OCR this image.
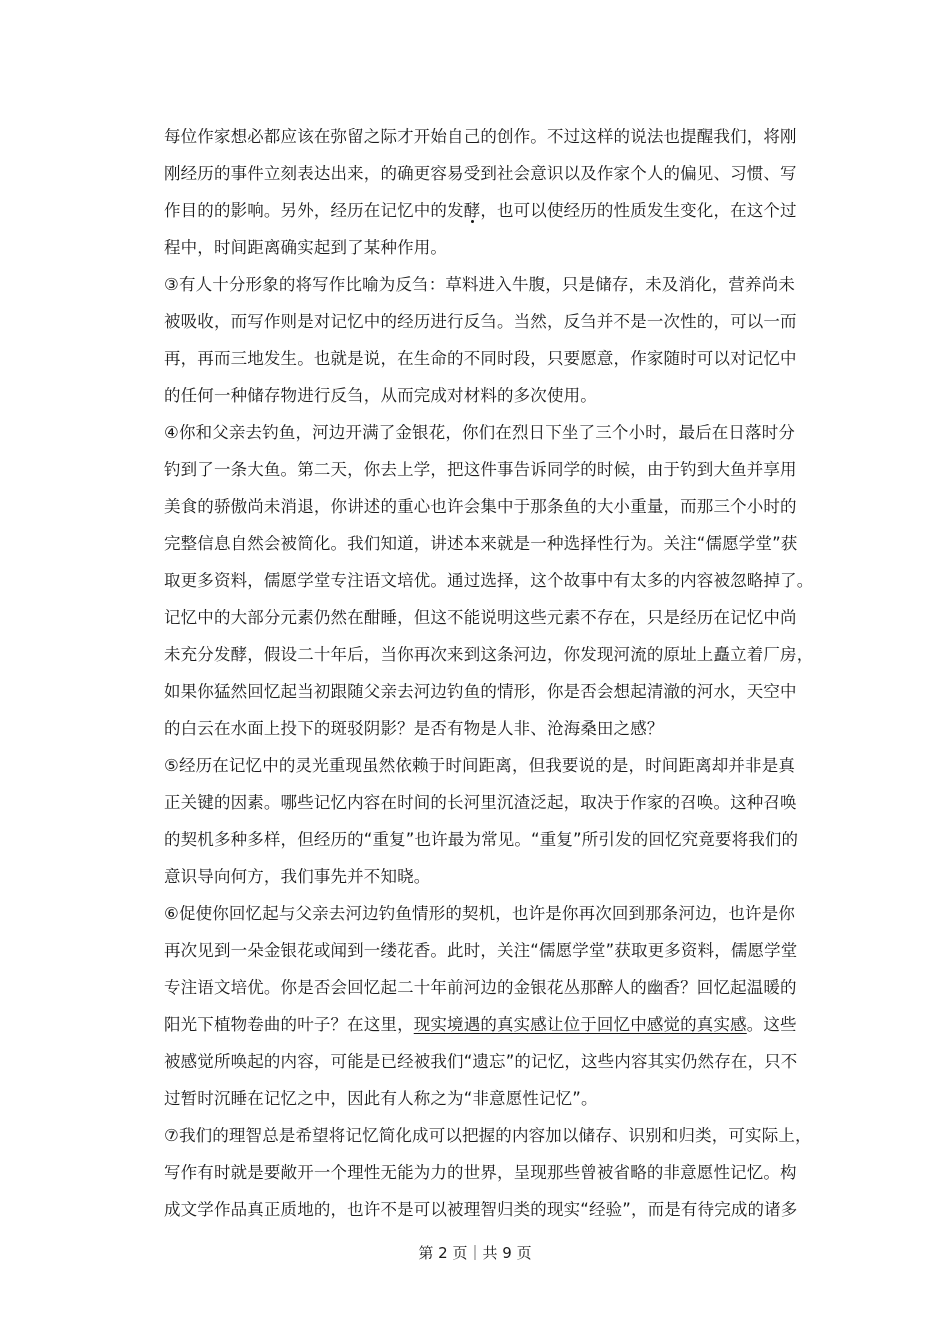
每位作家想必都应该在弥留之际才开始自己的创作。不过这样的说法也提醒我们，将刚
刚经历的事件立刻表达出来，的确更容易受到社会意识以及作家个人的偏见、习惯、写
作目的的影响。另外，经历在记忆中的发酵
，也可以使经历的性质发生变化，在这个过
程中，时间距离确实起到了某种作用。
③有人十分形象的将写作比喻为反刍：草料进入牛腹，只是储存，未及消化，营养尚未
被吸收，而写作则是对记忆中的经历进行反刍。当然，反刍并不是一次性的，可以一而
再，再而三地发生。也就是说，在生命的不同时段，只要愿意，作家随时可以对记忆中
的任何一种储存物进行反刍，从而完成对材料的多次使用。
④你和父亲去钓鱼，河边开满了金银花，你们在烈日下坐了三个小时，最后在日落时分
钓到了一条大鱼。第二天，你去上学，把这件事告诉同学的时候，由于钓到大鱼并享用
美食的骄傲尚未消退，你讲述的重心也许会集中于那条鱼的大小重量，而那三个小时的
完整信息自然会被简化。我们知道，讲述本来就是一种选择性行为。关注“儒愿学堂”获
取更多资料，儒愿学堂专注语文培优。通过选择，这个故事中有太多的内容被忽略掉了。
记忆中的大部分元素仍然在酣睡，但这不能说明这些元素不存在，只是经历在记忆中尚
未充分发酵，假设二十年后，当你再次来到这条河边，你发现河流的原址上矗立着厂房，
如果你猛然回忆起当初跟随父亲去河边钓鱼的情形，你是否会想起清澈的河水，天空中
的白云在水面上投下的斑驳阴影？是否有物是人非、沧海桑田之感？
⑤经历在记忆中的灵光重现虽然依赖于时间距离，但我要说的是，时间距离却并非是真
正关键的因素。哪些记忆内容在时间的长河里沉渣泛起，取决于作家的召唤。这种召唤
的契机多种多样，但经历的“重复”也许最为常见。“重复”所引发的回忆究竟要将我们的
意识导向何方，我们事先并不知晓。
⑥促使你回忆起与父亲去河边钓鱼情形的契机，也许是你再次回到那条河边，也许是你
再次见到一朵金银花或闻到一缕花香。此时，关注“儒愿学堂”获取更多资料，儒愿学堂
专注语文培优。你是否会回忆起二十年前河边的金银花丛那醉人的幽香？回忆起温暖的
阳光下植物卷曲的叶子？在这里，现实境遇的真实感让位于回忆中感觉的真实感。这些
被感觉所唤起的内容，可能是已经被我们“遗忘”的记忆，这些内容其实仍然存在，只不
过暂时沉睡在记忆之中，因此有人称之为“非意愿性记忆”。
⑦我们的理智总是希望将记忆简化成可以把握的内容加以储存、识别和归类，可实际上，
写作有时就是要敞开一个理性无能为力的世界，呈现那些曾被省略的非意愿性记忆。构
成文学作品真正质地的，也许不是可以被理智归类的现实“经验”，而是有待完成的诸多
第 2 页｜共 9 页
